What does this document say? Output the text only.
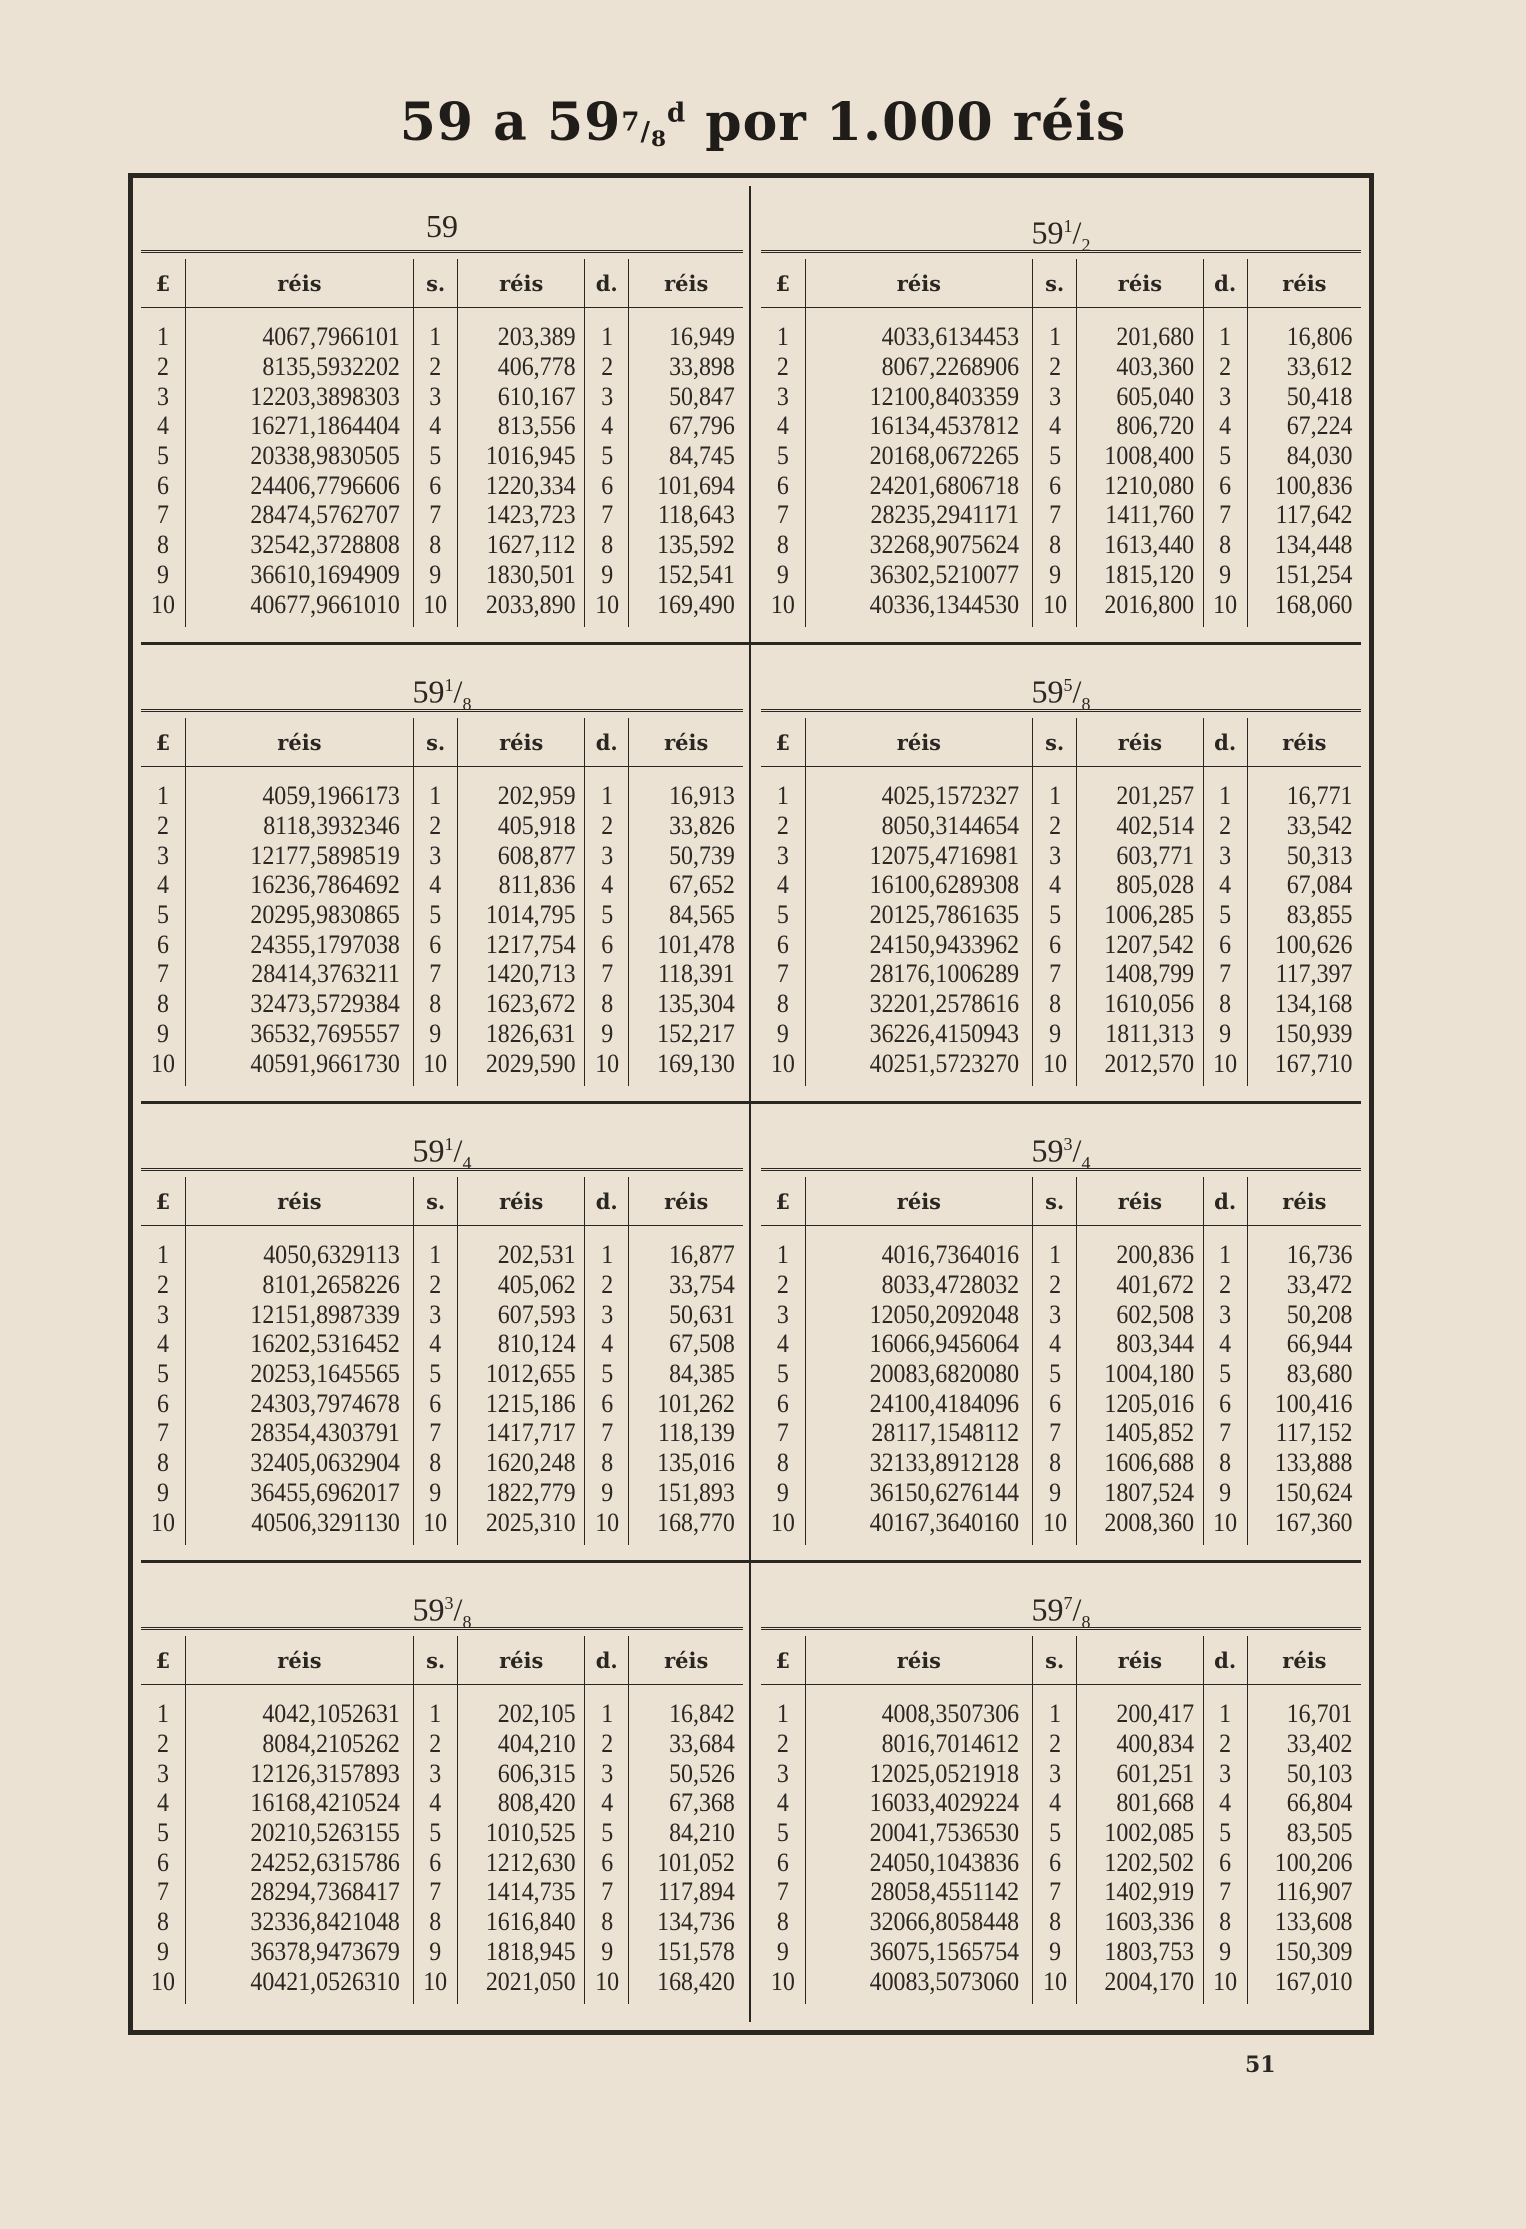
59 a $59^7/_8^d$ por 1.000 réis
59
£	réis	s.	réis	d.	réis

1	4067,7966101	1	203,389	1	16,949
2	8135,5932202	2	406,778	2	33,898
3	12203,3898303	3	610,167	3	50,847
4	16271,1864404	4	813,556	4	67,796
5	20338,9830505	5	1016,945	5	84,745
6	24406,7796606	6	1220,334	6	101,694
7	28474,5762707	7	1423,723	7	118,643
8	32542,3728808	8	1627,112	8	135,592
9	36610,1694909	9	1830,501	9	152,541
10	40677,9661010	10	2033,890	10	169,490
$59^1/_2$
£	réis	s.	réis	d.	réis

1	4033,6134453	1	201,680	1	16,806
2	8067,2268906	2	403,360	2	33,612
3	12100,8403359	3	605,040	3	50,418
4	16134,4537812	4	806,720	4	67,224
5	20168,0672265	5	1008,400	5	84,030
6	24201,6806718	6	1210,080	6	100,836
7	28235,2941171	7	1411,760	7	117,642
8	32268,9075624	8	1613,440	8	134,448
9	36302,5210077	9	1815,120	9	151,254
10	40336,1344530	10	2016,800	10	168,060
$59^1/_8$
£	réis	s.	réis	d.	réis

1	4059,1966173	1	202,959	1	16,913
2	8118,3932346	2	405,918	2	33,826
3	12177,5898519	3	608,877	3	50,739
4	16236,7864692	4	811,836	4	67,652
5	20295,9830865	5	1014,795	5	84,565
6	24355,1797038	6	1217,754	6	101,478
7	28414,3763211	7	1420,713	7	118,391
8	32473,5729384	8	1623,672	8	135,304
9	36532,7695557	9	1826,631	9	152,217
10	40591,9661730	10	2029,590	10	169,130
$59^5/_8$
£	réis	s.	réis	d.	réis

1	4025,1572327	1	201,257	1	16,771
2	8050,3144654	2	402,514	2	33,542
3	12075,4716981	3	603,771	3	50,313
4	16100,6289308	4	805,028	4	67,084
5	20125,7861635	5	1006,285	5	83,855
6	24150,9433962	6	1207,542	6	100,626
7	28176,1006289	7	1408,799	7	117,397
8	32201,2578616	8	1610,056	8	134,168
9	36226,4150943	9	1811,313	9	150,939
10	40251,5723270	10	2012,570	10	167,710
$59^1/_4$
£	réis	s.	réis	d.	réis

1	4050,6329113	1	202,531	1	16,877
2	8101,2658226	2	405,062	2	33,754
3	12151,8987339	3	607,593	3	50,631
4	16202,5316452	4	810,124	4	67,508
5	20253,1645565	5	1012,655	5	84,385
6	24303,7974678	6	1215,186	6	101,262
7	28354,4303791	7	1417,717	7	118,139
8	32405,0632904	8	1620,248	8	135,016
9	36455,6962017	9	1822,779	9	151,893
10	40506,3291130	10	2025,310	10	168,770
$59^3/_4$
£	réis	s.	réis	d.	réis

1	4016,7364016	1	200,836	1	16,736
2	8033,4728032	2	401,672	2	33,472
3	12050,2092048	3	602,508	3	50,208
4	16066,9456064	4	803,344	4	66,944
5	20083,6820080	5	1004,180	5	83,680
6	24100,4184096	6	1205,016	6	100,416
7	28117,1548112	7	1405,852	7	117,152
8	32133,8912128	8	1606,688	8	133,888
9	36150,6276144	9	1807,524	9	150,624
10	40167,3640160	10	2008,360	10	167,360
$59^3/_8$
£	réis	s.	réis	d.	réis

1	4042,1052631	1	202,105	1	16,842
2	8084,2105262	2	404,210	2	33,684
3	12126,3157893	3	606,315	3	50,526
4	16168,4210524	4	808,420	4	67,368
5	20210,5263155	5	1010,525	5	84,210
6	24252,6315786	6	1212,630	6	101,052
7	28294,7368417	7	1414,735	7	117,894
8	32336,8421048	8	1616,840	8	134,736
9	36378,9473679	9	1818,945	9	151,578
10	40421,0526310	10	2021,050	10	168,420
$59^7/_8$
£	réis	s.	réis	d.	réis

1	4008,3507306	1	200,417	1	16,701
2	8016,7014612	2	400,834	2	33,402
3	12025,0521918	3	601,251	3	50,103
4	16033,4029224	4	801,668	4	66,804
5	20041,7536530	5	1002,085	5	83,505
6	24050,1043836	6	1202,502	6	100,206
7	28058,4551142	7	1402,919	7	116,907
8	32066,8058448	8	1603,336	8	133,608
9	36075,1565754	9	1803,753	9	150,309
10	40083,5073060	10	2004,170	10	167,010
51
